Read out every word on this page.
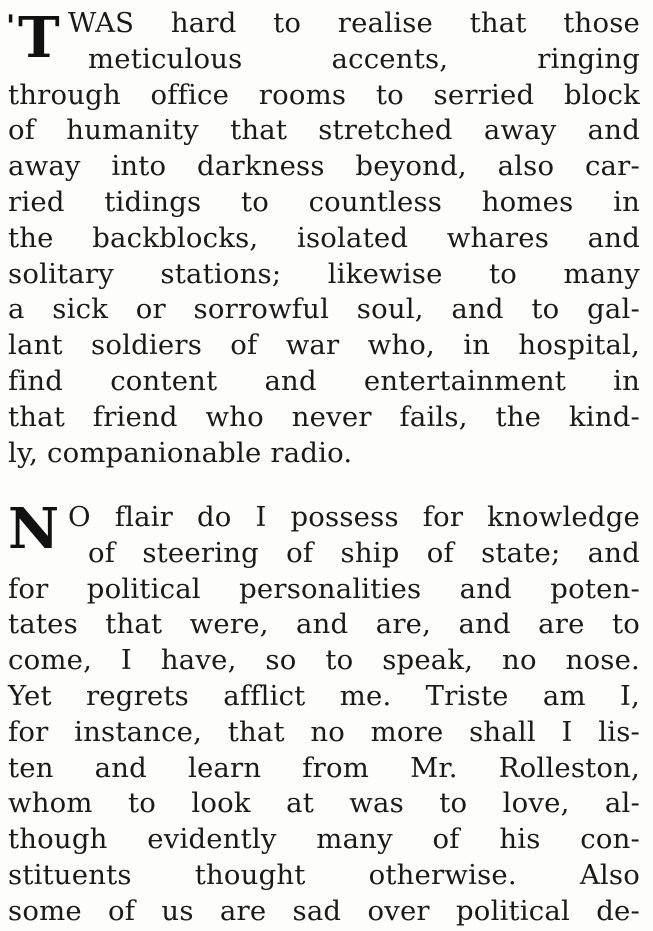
' T WAS hard to realise that those
meticulous accents, ringing
through office rooms to serried block
of humanity that stretched away and
away into darkness beyond, also car-
ried tidings to countless homes in
the backblocks, isolated whares and
solitary stations; likewise to many
a sick or sorrowful soul, and to gal-
lant soldiers of war who, in hospital,
find content and entertainment in
that friend who never fails, the kind-
ly, companionable radio.
N O flair do I possess for knowledge
of steering of ship of state; and
for political personalities and poten-
tates that were, and are, and are to
come, I have, so to speak, no nose.
Yet regrets afflict me. Triste am I,
for instance, that no more shall I lis-
ten and learn from Mr. Rolleston,
whom to look at was to love, al-
though evidently many of his con-
stituents thought otherwise. Also
some of us are sad over political de-
